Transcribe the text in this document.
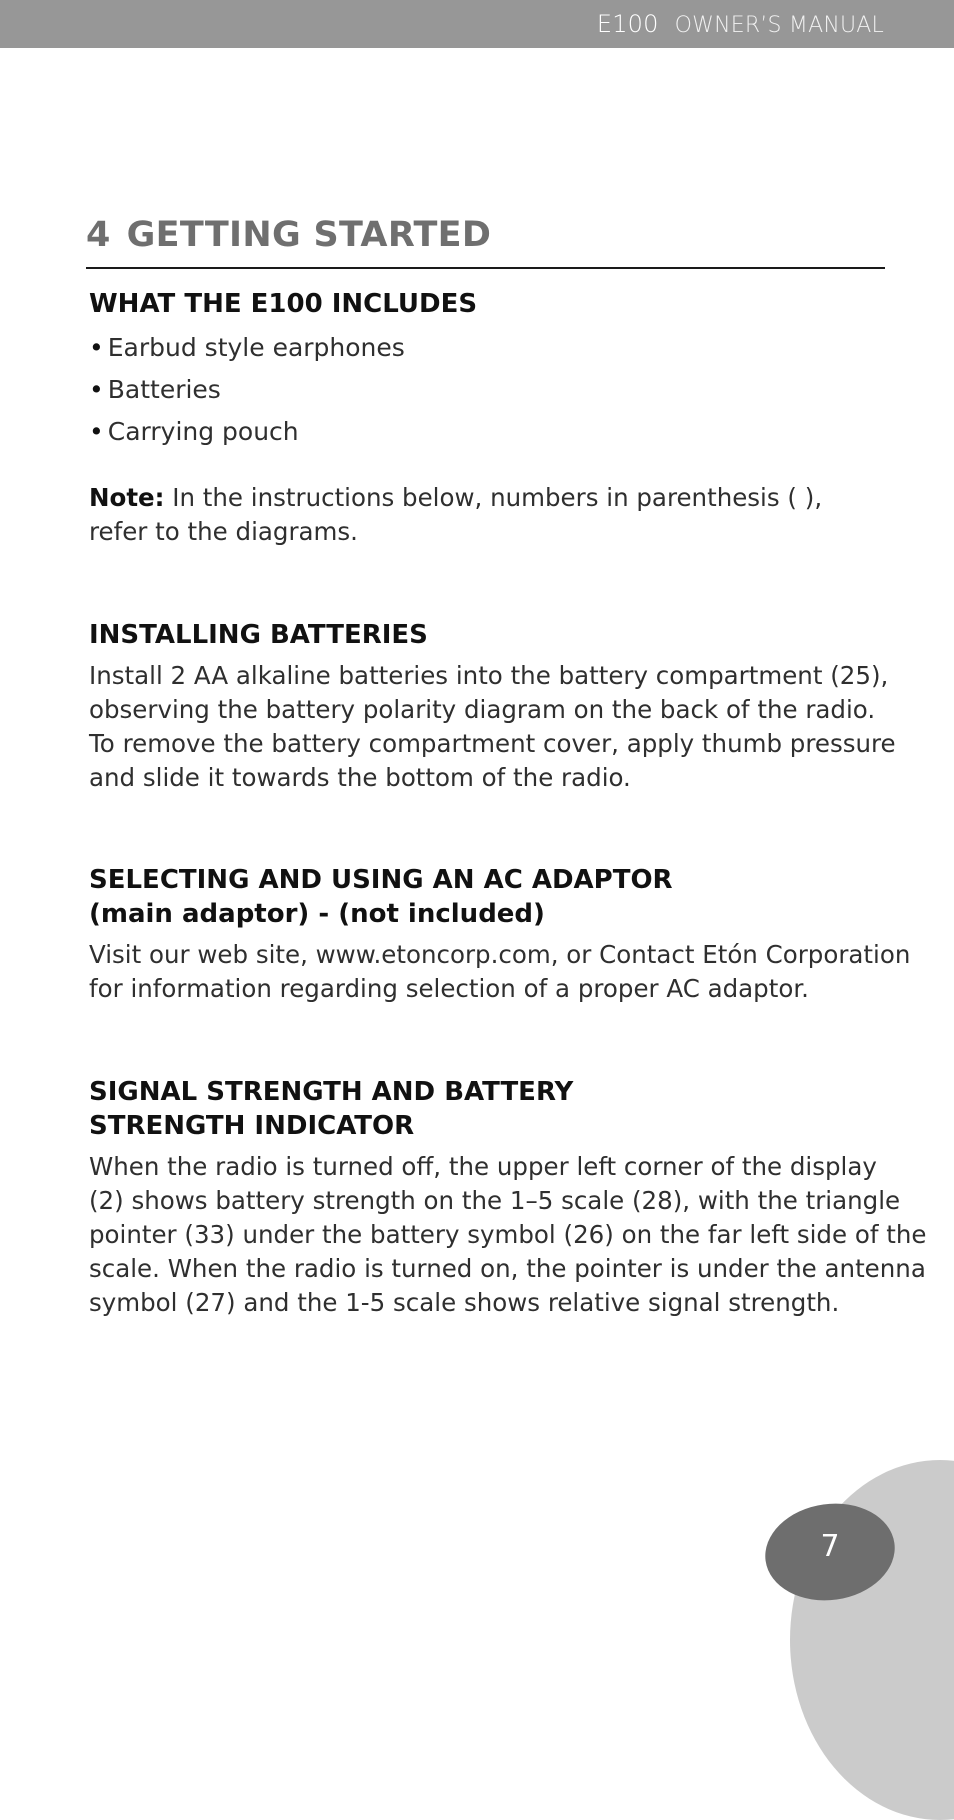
E100 OWNER’S MANUAL
4 GETTING STARTED
WHAT THE E100 INCLUDES
• Earbud style earphones
• Batteries
• Carrying pouch
Note: In the instructions below, numbers in parenthesis ( ),
refer to the diagrams.
INSTALLING BATTERIES
Install 2 AA alkaline batteries into the battery compartment (25),
observing the battery polarity diagram on the back of the radio.
To remove the battery compartment cover, apply thumb pressure
and slide it towards the bottom of the radio.
SELECTING AND USING AN AC ADAPTOR
(main adaptor) - (not included)
Visit our web site, www.etoncorp.com, or Contact Etón Corporation
for information regarding selection of a proper AC adaptor.
SIGNAL STRENGTH AND BATTERY
STRENGTH INDICATOR
When the radio is turned off, the upper left corner of the display
(2) shows battery strength on the 1–5 scale (28), with the triangle
pointer (33) under the battery symbol (26) on the far left side of the
scale. When the radio is turned on, the pointer is under the antenna
symbol (27) and the 1-5 scale shows relative signal strength.
7
